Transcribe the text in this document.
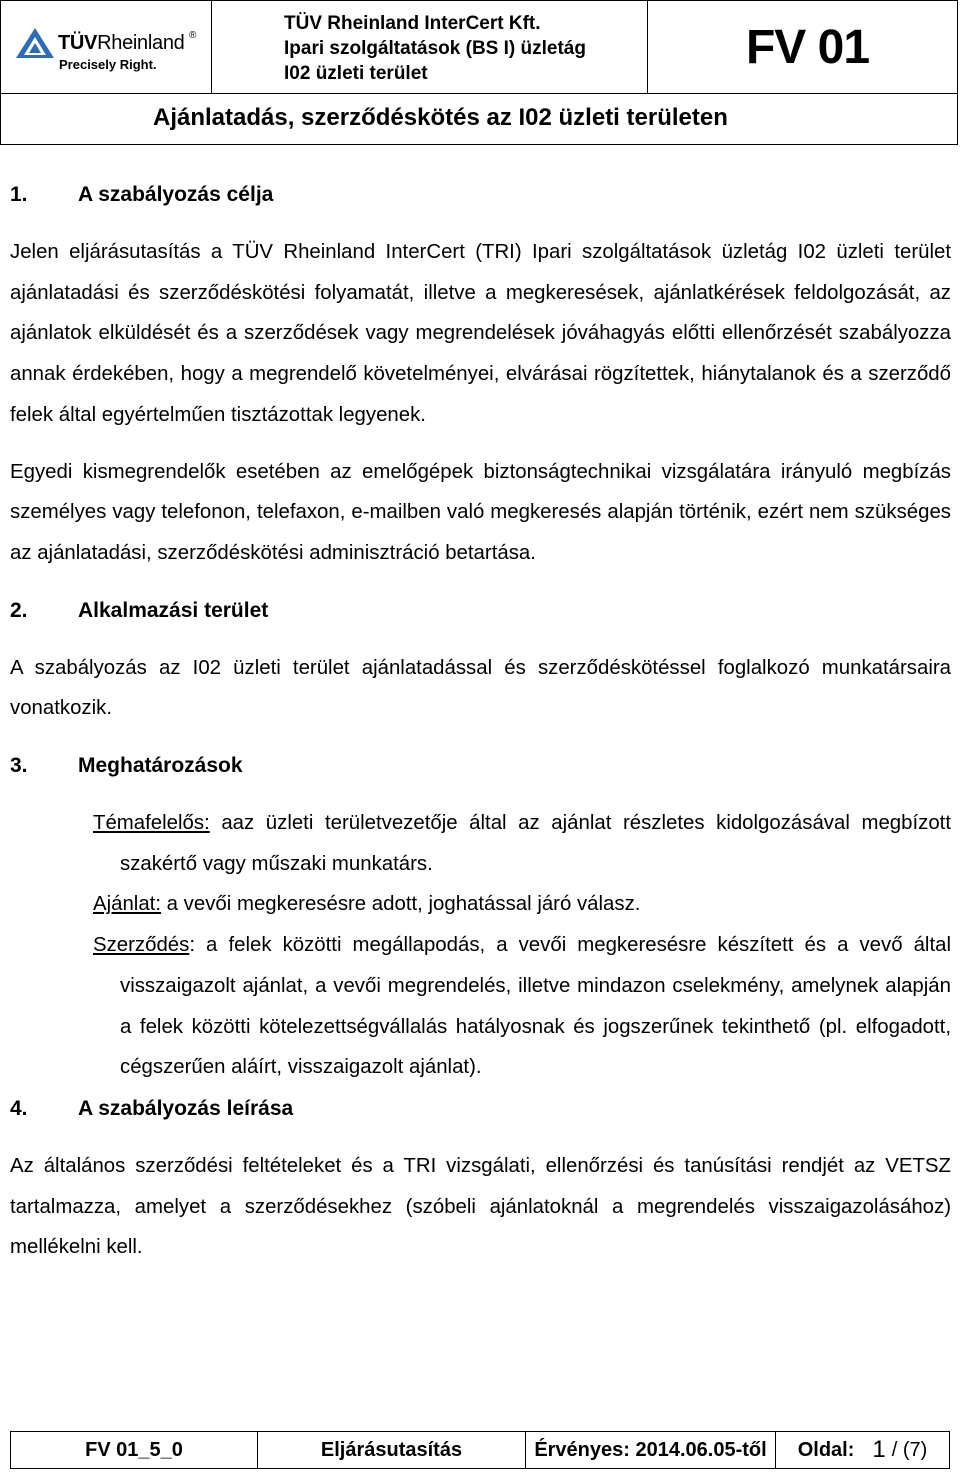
TÜVRheinland ®
Precisely Right.
TÜV Rheinland InterCert Kft.
Ipari szolgáltatások (BS I) üzletág
I02 üzleti terület	FV 01
Ajánlatadás, szerződéskötés az I02 üzleti területen
1.	A szabályozás célja

Jelen eljárásutasítás a TÜV Rheinland InterCert (TRI) Ipari szolgáltatások üzletág I02 üzleti terület ajánlatadási és szerződéskötési folyamatát, illetve a megkeresések, ajánlatkérések feldolgozását, az ajánlatok elküldését és a szerződések vagy megrendelések jóváhagyás előtti ellenőrzését szabályozza annak érdekében, hogy a megrendelő követelményei, elvárásai rögzítettek, hiánytalanok és a szerződő felek által egyértelműen tisztázottak legyenek.

Egyedi kismegrendelők esetében az emelőgépek biztonságtechnikai vizsgálatára irányuló megbízás személyes vagy telefonon, telefaxon, e-mailben való megkeresés alapján történik, ezért nem szükséges az ajánlatadási, szerződéskötési adminisztráció betartása.

2.	Alkalmazási terület

A szabályozás az I02 üzleti terület ajánlatadással és szerződéskötéssel foglalkozó munkatársaira vonatkozik.

3.	Meghatározások

Témafelelős: aaz üzleti területvezetője által az ajánlat részletes kidolgozásával megbízott szakértő vagy műszaki munkatárs.

Ajánlat: a vevői megkeresésre adott, joghatással járó válasz.

Szerződés: a felek közötti megállapodás, a vevői megkeresésre készített és a vevő által visszaigazolt ajánlat, a vevői megrendelés, illetve mindazon cselekmény, amelynek alapján a felek közötti kötelezettségvállalás hatályosnak és jogszerűnek tekinthető (pl. elfogadott, cégszerűen aláírt, visszaigazolt ajánlat).

4.	A szabályozás leírása

Az általános szerződési feltételeket és a TRI vizsgálati, ellenőrzési és tanúsítási rendjét az VETSZ tartalmazza, amelyet a szerződésekhez (szóbeli ajánlatoknál a megrendelés visszaigazolásához) mellékelni kell.

FV 01_5_0	Eljárásutasítás	Érvényes: 2014.06.05-től	Oldal: 1 / (7)
